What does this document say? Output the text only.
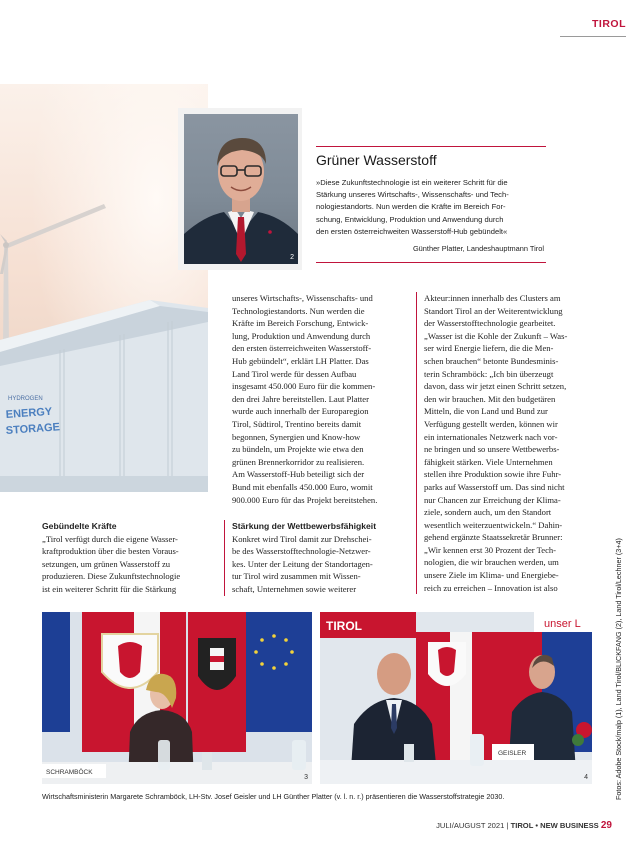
TIROL
HYDROGEN
ENERGY
STORAGE
2
Grüner Wasserstoff
»Diese Zukunftstechnologie ist ein weiterer Schritt für die
Stärkung unseres Wirtschafts-, Wissenschafts- und Tech-
nologiestandorts. Nun werden die Kräfte im Bereich For-
schung, Entwicklung, Produktion und Anwendung durch
den ersten österreichweiten Wasserstoff-Hub gebündelt«
Günther Platter, Landeshauptmann Tirol

unseres Wirtschafts-, Wissenschafts- und

Technologiestandorts. Nun werden die

Kräfte im Bereich Forschung, Entwick-

lung, Produktion und Anwendung durch

den ersten österreichweiten Wasserstoff-

Hub gebündelt“, erklärt LH Platter. Das

Land Tirol werde für dessen Aufbau

insgesamt 450.000 Euro für die kommen-

den drei Jahre bereitstellen. Laut Platter

wurde auch innerhalb der Europaregion

Tirol, Südtirol, Trentino bereits damit

begonnen, Synergien und Know-how

zu bündeln, um Projekte wie etwa den

grünen Brennerkorridor zu realisieren.

Am Wasserstoff-Hub beteiligt sich der

Bund mit ebenfalls 450.000 Euro, womit

900.000 Euro für das Projekt bereitstehen.

Akteur:innen innerhalb des Clusters am

Standort Tirol an der Weiterentwicklung

der Wasserstofftechnologie gearbeitet.

„Wasser ist die Kohle der Zukunft – Was-

ser wird Energie liefern, die die Men-

schen brauchen“ betonte Bundesminis-

terin Schramböck: „Ich bin überzeugt

davon, dass wir jetzt einen Schritt setzen,

den wir brauchen. Mit den budgetären

Mitteln, die von Land und Bund zur

Verfügung gestellt werden, können wir

ein internationales Netzwerk nach vor-

ne bringen und so unsere Wettbewerbs-

fähigkeit stärken. Viele Unternehmen

stellen ihre Produktion sowie ihre Fuhr-

parks auf Wasserstoff um. Das sind nicht

nur Chancen zur Erreichung der Klima-

ziele, sondern auch, um den Standort

wesentlich weiterzuentwickeln.“ Dahin-

gehend ergänzte Staatssekretär Brunner:

„Wir kennen erst 30 Prozent der Tech-

nologien, die wir brauchen werden, um

unsere Ziele im Klima- und Energiebe-

reich zu erreichen – Innovation ist also

Gebündelte Kräfte

„Tirol verfügt durch die eigene Wasser-

kraftproduktion über die besten Voraus-

setzungen, um grünen Wasserstoff zu

produzieren. Diese Zukunftstechnologie

ist ein weiterer Schritt für die Stärkung

Stärkung der Wettbewerbsfähigkeit

Konkret wird Tirol damit zur Drehschei-

be des Wasserstofftechnologie-Netzwer-

kes. Unter der Leitung der Standortagen-

tur Tirol wird zusammen mit Wissen-

schaft, Unternehmen sowie weiterer

SCHRAMBÖCK
3
TIROL	unser L
GEISLER
4
Wirtschaftsministerin Margarete Schramböck, LH-Stv. Josef Geisler und LH Günther Platter (v. l. n. r.) präsentieren die Wasserstoffstrategie 2030.	Fotos: Adobe Stock/malp (1), Land Tirol/BLICKFANG (2), Land Tirol/Lechner (3+4)
JULI/AUGUST 2021 | TIROL • NEW BUSINESS 29
